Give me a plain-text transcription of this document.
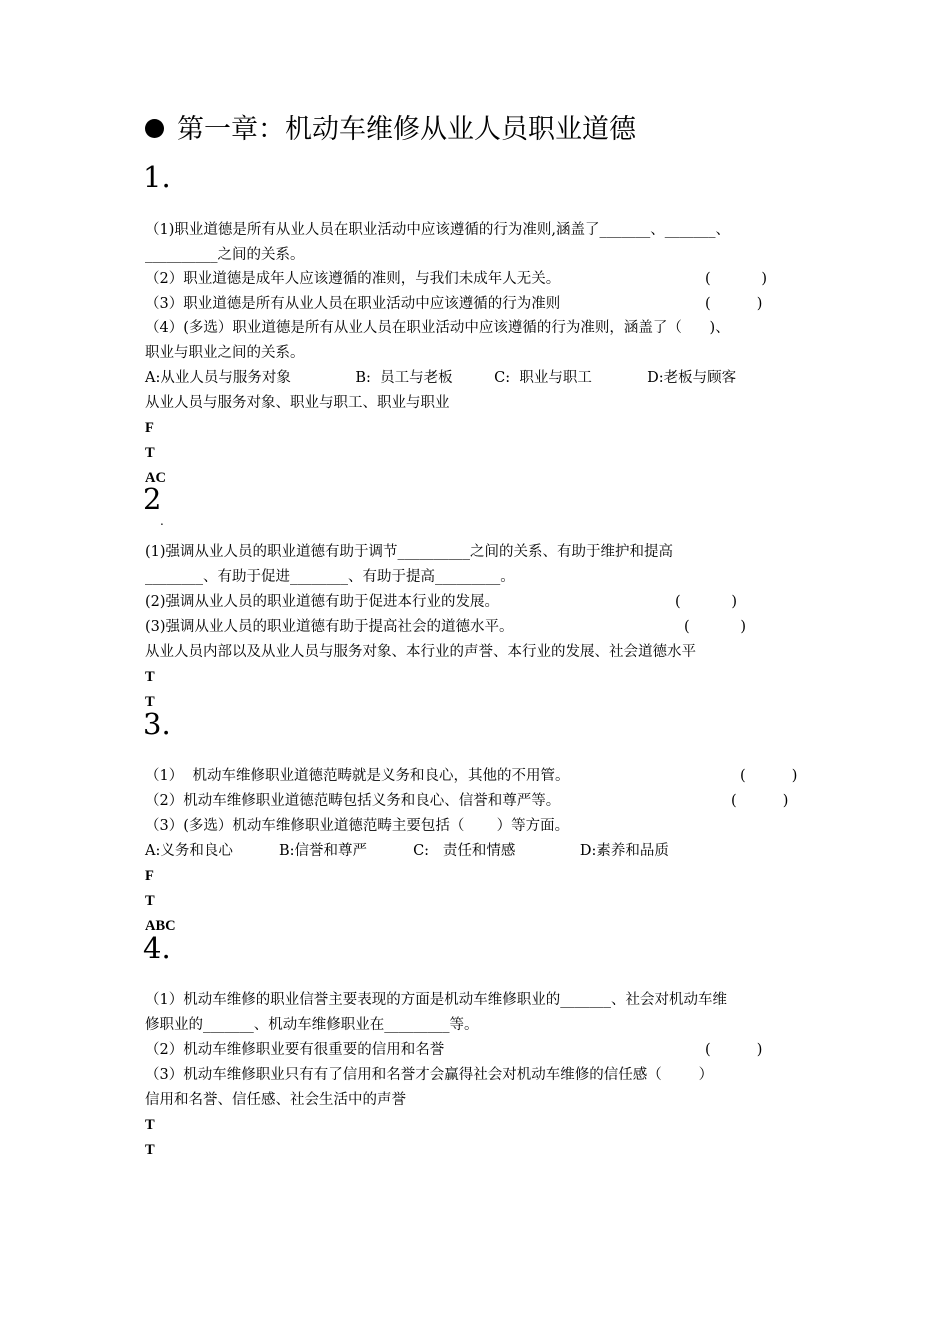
第一章：机动车维修从业人员职业道德
1.
（1)职业道德是所有从业人员在职业活动中应该遵循的行为准则,涵盖了_______、_______、
__________之间的关系。
（2）职业道德是成年人应该遵循的准则，与我们未成年人无关。	(           )
（3）职业道德是所有从业人员在职业活动中应该遵循的行为准则	(          )
（4）(多选）职业道德是所有从业人员在职业活动中应该遵循的行为准则，涵盖了（      )、
职业与职业之间的关系。
A:从业人员与服务对象              B:  员工与老板         C:  职业与职工            D:老板与顾客
从业人员与服务对象、职业与职工、职业与职业
F
T
AC
2
.
(1)强调从业人员的职业道德有助于调节__________之间的关系、有助于维护和提高
________、有助于促进________、有助于提高_________。
(2)强调从业人员的职业道德有助于促进本行业的发展。	(           )
(3)强调从业人员的职业道德有助于提高社会的道德水平。	(           )
从业人员内部以及从业人员与服务对象、本行业的声誉、本行业的发展、社会道德水平
T
T
3.
（1）  机动车维修职业道德范畴就是义务和良心，其他的不用管。	(          )
（2）机动车维修职业道德范畴包括义务和良心、信誉和尊严等。	(          )
（3）(多选）机动车维修职业道德范畴主要包括（       ）等方面。
A:义务和良心          B:信誉和尊严          C:   责任和情感              D:素养和品质
F
T
ABC
4.
（1）机动车维修的职业信誉主要表现的方面是机动车维修职业的_______、社会对机动车维
修职业的_______、机动车维修职业在_________等。
（2）机动车维修职业要有很重要的信用和名誉	(          )
（3）机动车维修职业只有有了信用和名誉才会赢得社会对机动车维修的信任感（        ）
信用和名誉、信任感、社会生活中的声誉
T
T
